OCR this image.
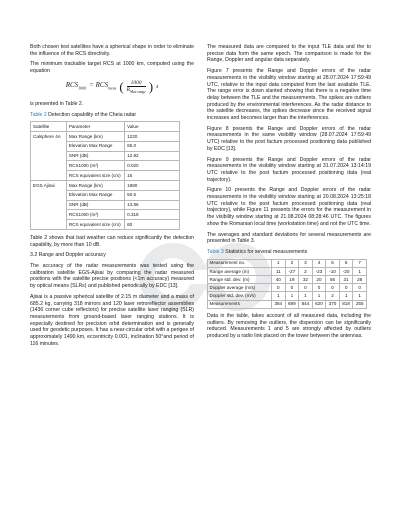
Both chosen test satellites have a spherical shape in order to eliminate the influence of the RCS directivity.

The minimum trackable target RCS at 1000 km, computed using the equation

$RCS_{1000} = RCS_{meas}$ ( $\frac{1000}{R_{Max range}}$ ) 4

is presented in Table 2.

Table 2 Detection capability of the Cheia radar
Satellite	Parameter	Value
Calsphere 4A	Max Range (km)	1220
	Elevation Max Range	66.0
	SNR (dB)	12.92
	RCS1000 (m²)	0.020
	RCS equivalent size (cm)	16
EGS Ajisai	Max Range (km)	1880
	Elevation Max Range	50.5
	SNR (dB)	13.86
	RCS1000 (m²)	0.318
	RCS equivalent size (cm)	60

Table 2 shows that bad weather can reduce significantly the detection capability, by more than 10 dB.

3.2 Range and Doppler accuracy

The accuracy of the radar measurements was tested using the calibration satellite EGS-Ajisai by comparing the radar measured positions with the satellite precise positions (<1m accuracy) measured by optical means (SLRs) and published periodically by EDC [13].

Ajisai is a passive spherical satellite of 2.15 m diameter and a mass of 685.2 kg, carrying 318 mirrors and 120 laser retroreflector assemblies (1436 corner cube reflectors) for precise satellite laser ranging (SLR) measurements from ground-based laser ranging stations. It is especially destined for precision orbit determination and is generally used for geodetic purposes. It has a near-circular orbit with a perigee of approximately 1490 km, eccentricity 0.001, inclination 50°and period of 116 minutes.

The measured data are compared to the input TLE data and the to precise data form the same epoch. The comparison is made for the Range, Doppler and angular data separately.

Figure 7 presents the Range and Doppler errors of the radar measurements in the visibility window starting at 28.07.2024 17:59:49 UTC, relative to the input data computed from the last available TLE. The range error is down slanted showing that there is a negative time delay between the TLE and the measurements. The spikes are outliers produced by the environmental interferences. As the radar distance to the satellite decreases, the spikes decrease since the received signal increases and becomes larger than the interferences.

Figure 8 presents the Range and Doppler errors of the radar measurements in the same visibility window (28.07.2024 17:59:49 UTC) relative to the post factum processed positioning data published by EDC [13].

Figure 9 presents the Range and Doppler errors of the radar measurements in the visibility window starting at 31.07.2024 13:14:19 UTC relative to the post factum processed positioning data (real trajectory).

Figure 10 presents the Range and Doppler errors of the radar measurements in the visibility window starting at 20.08.2024 13:25:18 UTC relative to the post factum processed positioning data (real trajectory), while Figure 11 presents the errors for the measurement in the visibility window starting at 21.08.2024 08:28:46 UTC. The figures show the Romanian local time (workstation time) and not the UTC time.

The averages and standard deviations for several measurements are presented in Table 3.

Table 3 Statistics for several measurements
Measurement no.	1	2	3	4	5	6	7
Range average (m)	11	-27	2	-23	-10	-20	1
Range std. dev. (m)	40	19	32	20	56	31	28
Doppler average (m/s)	0	0	0	0	0	0	0
Doppler std. dev. (m/s)	1	1	1	1	2	1	1
Measurements	384	699	844	620	370	818	255

Data in the table, takes account of all measured data, including the outliers. By removing the outliers, the dispersion can be significantly reduced. Measurements 1 and 5 are strongly affected by outliers produced by a radio link placed on the tower between the antennas.
